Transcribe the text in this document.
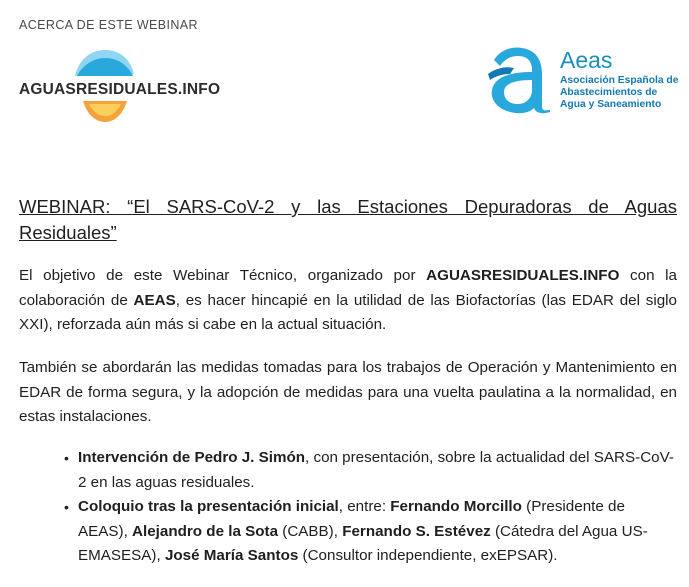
ACERCA DE ESTE WEBINAR
AGUASRESIDUALES.INFO
Aeas
Asociación Española de
Abastecimientos de
Agua y Saneamiento
WEBINAR: “El SARS-CoV-2 y las Estaciones Depuradoras de Aguas Residuales”

El objetivo de este Webinar Técnico, organizado por AGUASRESIDUALES.INFO con la colaboración de AEAS, es hacer hincapié en la utilidad de las Biofactorías (las EDAR del siglo XXI), reforzada aún más si cabe en la actual situación.

También se abordarán las medidas tomadas para los trabajos de Operación y Mantenimiento en EDAR de forma segura, y la adopción de medidas para una vuelta paulatina a la normalidad, en estas instalaciones.

• Intervención de Pedro J. Simón, con presentación, sobre la actualidad del SARS-CoV-2 en las aguas residuales.
• Coloquio tras la presentación inicial, entre: Fernando Morcillo (Presidente de AEAS), Alejandro de la Sota (CABB), Fernando S. Estévez (Cátedra del Agua US-EMASESA), José María Santos (Consultor independiente, exEPSAR).
